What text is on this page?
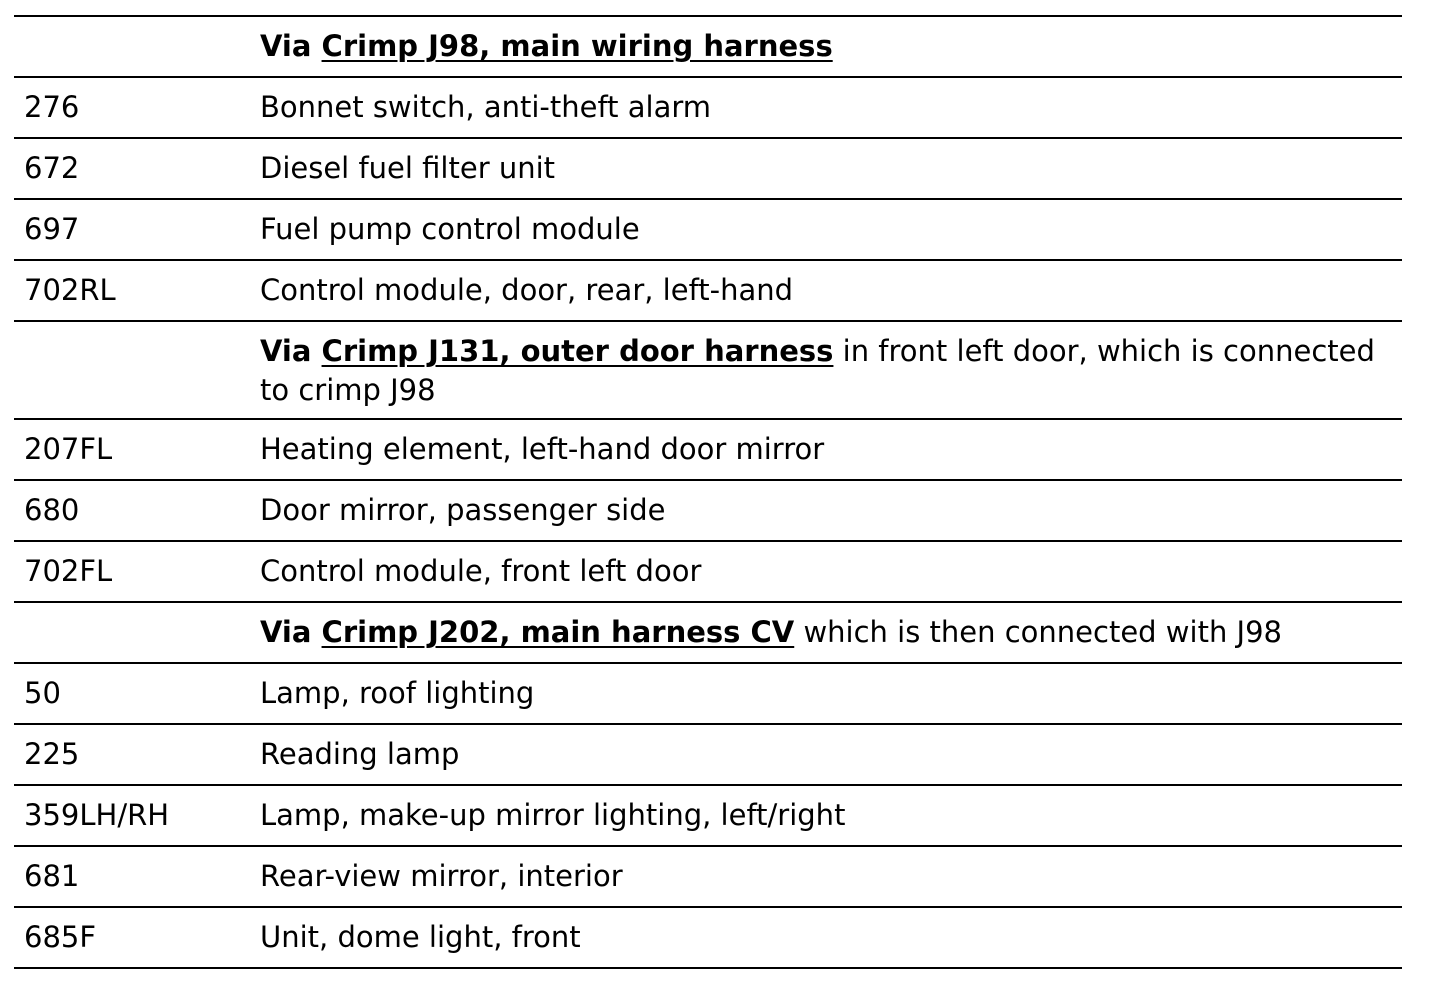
	Via Crimp J98, main wiring harness
276	Bonnet switch, anti-theft alarm
672	Diesel fuel filter unit
697	Fuel pump control module
702RL	Control module, door, rear, left-hand
	Via Crimp J131, outer door harness in front left door, which is connected to crimp J98
207FL	Heating element, left-hand door mirror
680	Door mirror, passenger side
702FL	Control module, front left door
	Via Crimp J202, main harness CV which is then connected with J98
50	Lamp, roof lighting
225	Reading lamp
359LH/RH	Lamp, make-up mirror lighting, left/right
681	Rear-view mirror, interior
685F	Unit, dome light, front
